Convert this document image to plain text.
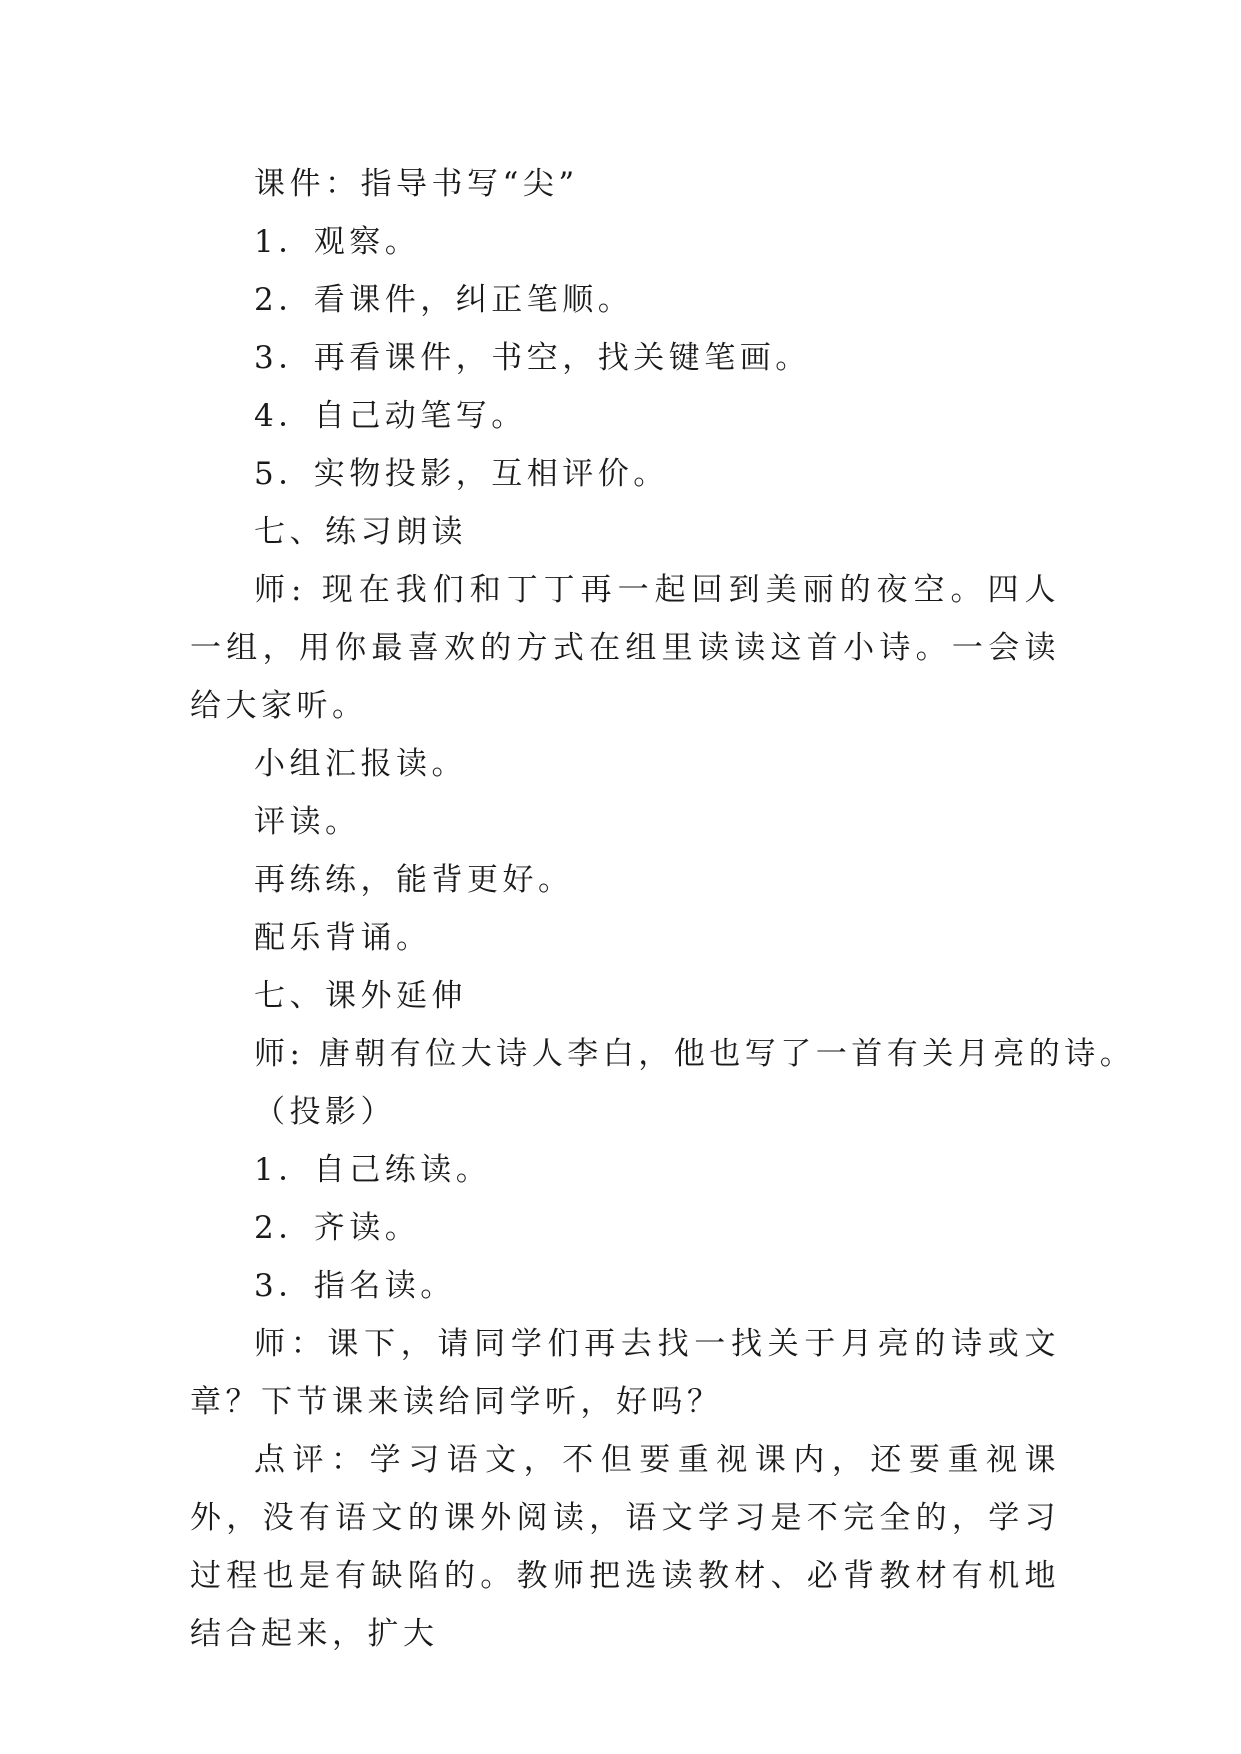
课件：指导书写“尖”

1．观察。

2．看课件，纠正笔顺。

3．再看课件，书空，找关键笔画。

4．自己动笔写。

5．实物投影，互相评价。

七、练习朗读

师: 现在我们和丁丁再一起回到美丽的夜空。四人一组，用你最喜欢的方式在组里读读这首小诗。一会读给大家听。

小组汇报读。

评读。

再练练，能背更好。

配乐背诵。

七、课外延伸

师: 唐朝有位大诗人李白，他也写了一首有关月亮的诗。

（投影）

1．自己练读。

2．齐读。

3．指名读。

师：课下，请同学们再去找一找关于月亮的诗或文章？下节课来读给同学听，好吗？

点评：学习语文，不但要重视课内，还要重视课外，没有语文的课外阅读，语文学习是不完全的，学习过程也是有缺陷的。教师把选读教材、必背教材有机地结合起来，扩大
